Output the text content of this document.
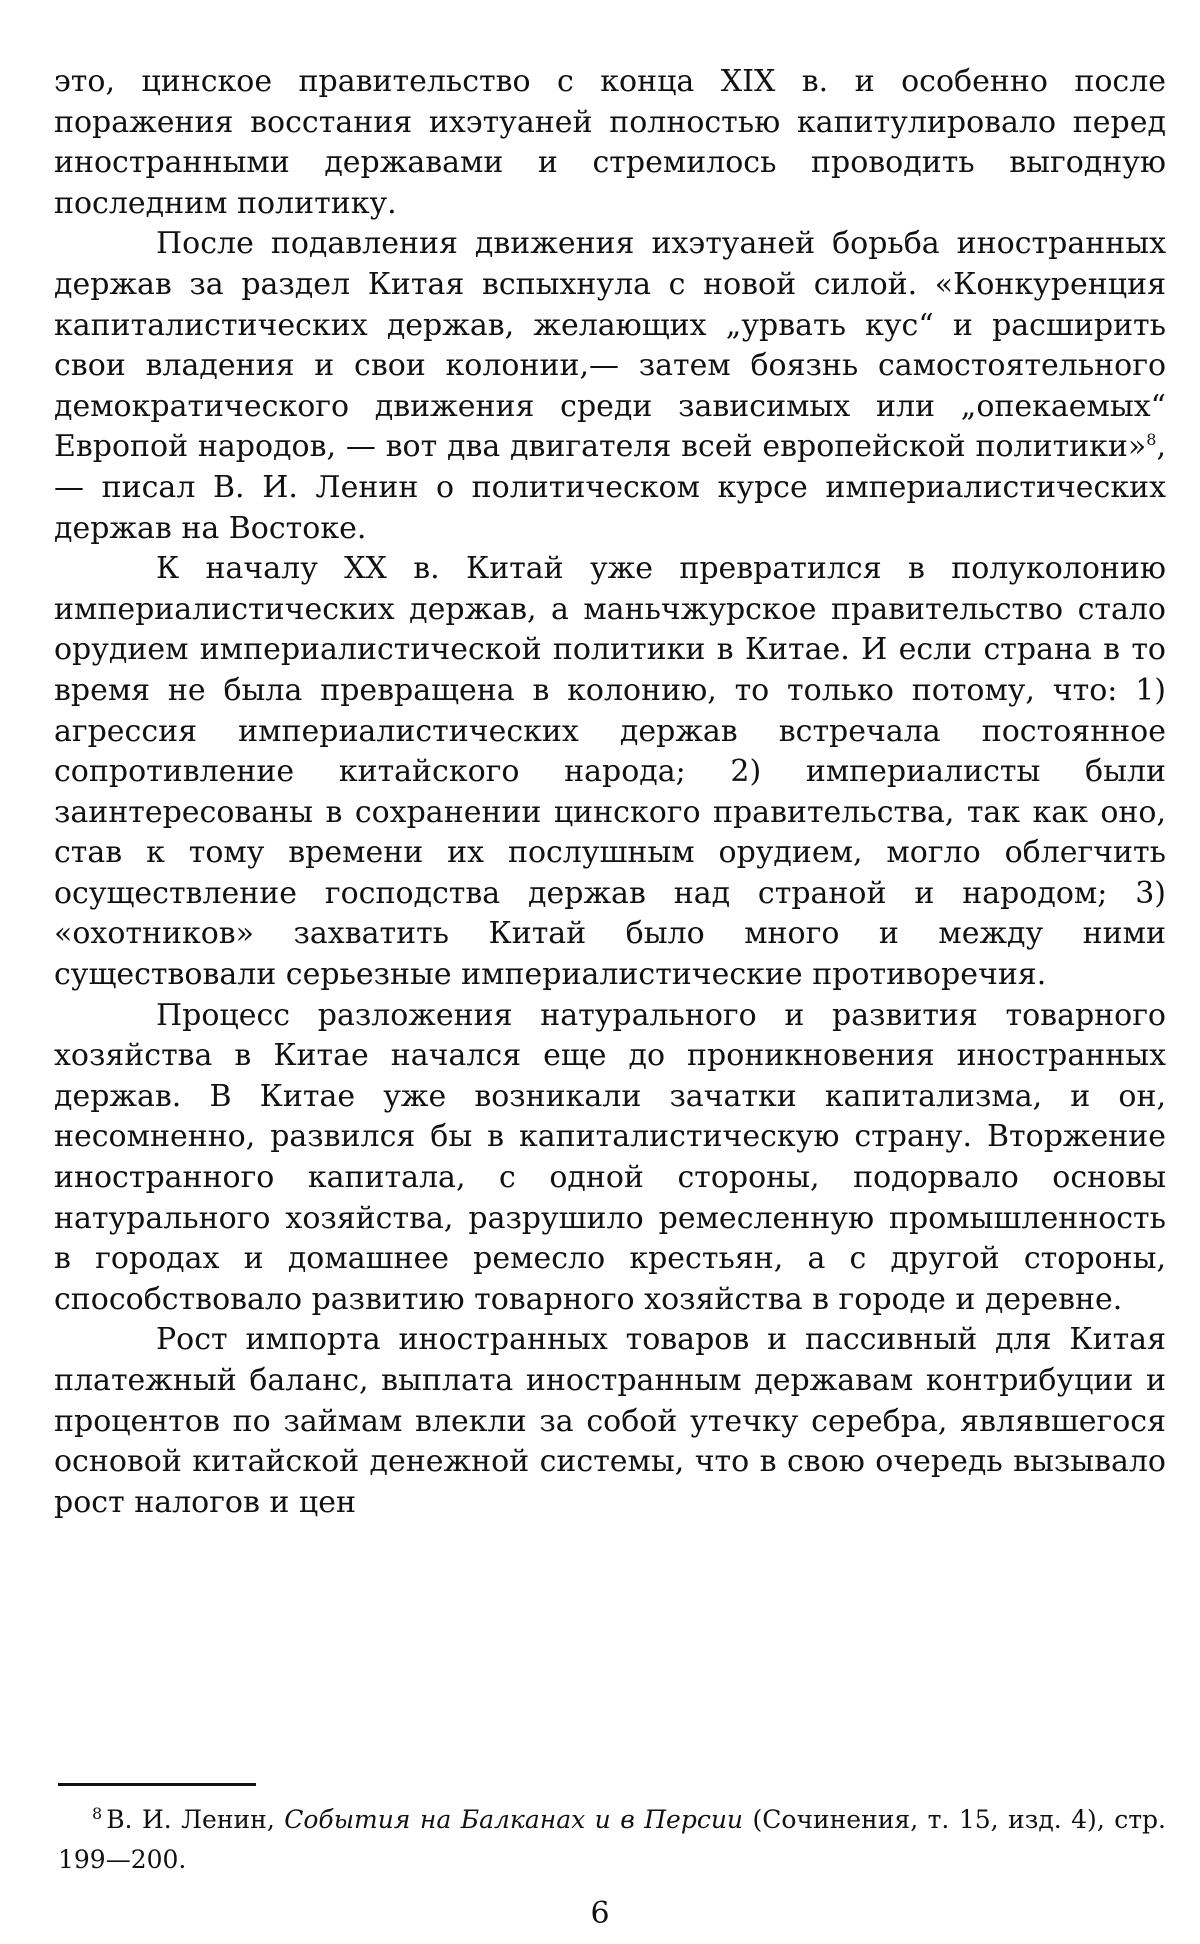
это, цинское правительство с конца XIX в. и особенно после поражения восстания ихэтуаней полностью капитулировало перед иностранными державами и стремилось проводить выгодную последним политику.

После подавления движения ихэтуаней борьба иностранных держав за раздел Китая вспыхнула с новой силой. «Конкуренция капиталистических держав, желающих „урвать кус“ и расширить свои владения и свои колонии,— затем боязнь самостоятельного демократического движения среди зависимых или „опекаемых“ Европой народов, — вот два двигателя всей европейской политики»$^8$, — писал В. И. Ленин о политическом курсе империалистических держав на Востоке.

К началу XX в. Китай уже превратился в полуколонию империалистических держав, а маньчжурское правительство стало орудием империалистической политики в Китае. И если страна в то время не была превращена в колонию, то только потому, что: 1) агрессия империалистических держав встречала постоянное сопротивление китайского народа; 2) империалисты были заинтересованы в сохранении цинского правительства, так как оно, став к тому времени их послушным орудием, могло облегчить осуществление господства держав над страной и народом; 3) «охотников» захватить Китай было много и между ними существовали серьезные империалистические противоречия.

Процесс разложения натурального и развития товарного хозяйства в Китае начался еще до проникновения иностранных держав. В Китае уже возникали зачатки капитализма, и он, несомненно, развился бы в капиталистическую страну. Вторжение иностранного капитала, с одной стороны, подорвало основы натурального хозяйства, разрушило ремесленную промышленность в городах и домашнее ремесло крестьян, а с другой стороны, способствовало развитию товарного хозяйства в городе и деревне.

Рост импорта иностранных товаров и пассивный для Китая платежный баланс, выплата иностранным державам контрибуции и процентов по займам влекли за собой утечку серебра, являвшегося основой китайской денежной системы, что в свою очередь вызывало рост налогов и цен

$^8$ В. И. Ленин, События на Балканах и в Персии (Сочинения, т. 15, изд. 4), стр. 199—200.

6
